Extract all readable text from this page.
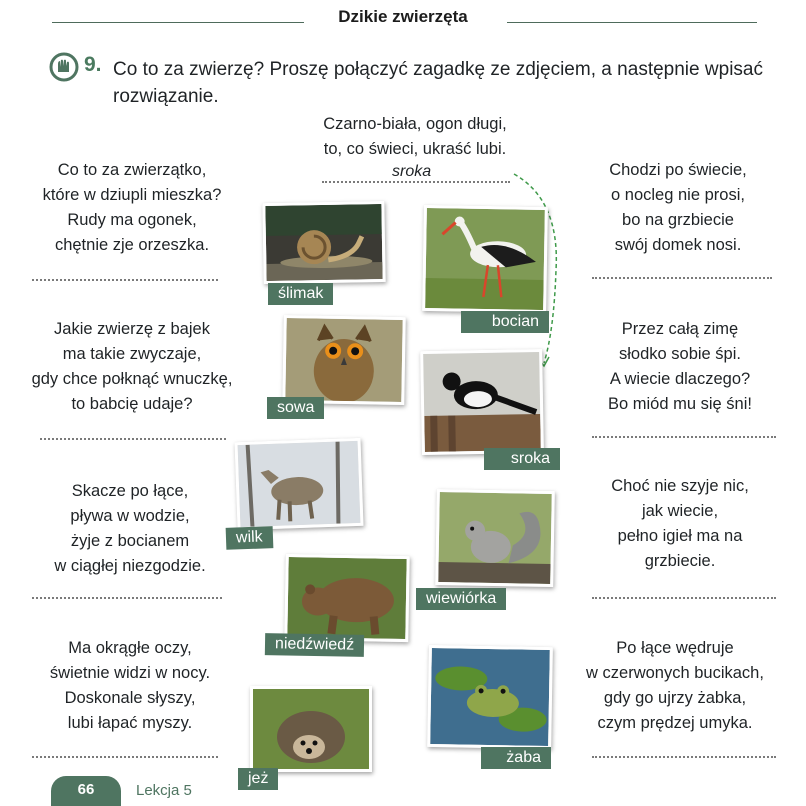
Dzikie zwierzęta
9. Co to za zwierzę? Proszę połączyć zagadkę ze zdjęciem, a następnie wpisać rozwiązanie.
Czarno-biała, ogon długi,
to, co świeci, ukraść lubi.
sroka
Co to za zwierzątko,
które w dziupli mieszka?
Rudy ma ogonek,
chętnie zje orzeszka.
Jakie zwierzę z bajek
ma takie zwyczaje,
gdy chce połknąć wnuczkę,
to babcię udaje?
Skacze po łące,
pływa w wodzie,
żyje z bocianem
w ciągłej niezgodzie.
Ma okrągłe oczy,
świetnie widzi w nocy.
Doskonale słyszy,
lubi łapać myszy.
Chodzi po świecie,
o nocleg nie prosi,
bo na grzbiecie
swój domek nosi.
Przez całą zimę
słodko sobie śpi.
A wiecie dlaczego?
Bo miód mu się śni!
Choć nie szyje nic,
jak wiecie,
pełno igieł ma na
grzbiecie.
Po łące wędruje
w czerwonych bucikach,
gdy go ujrzy żabka,
czym prędzej umyka.
ślimak
bocian
sowa
sroka
wilk
wiewiórka
niedźwiedź
jeż
żaba
66	Lekcja 5
